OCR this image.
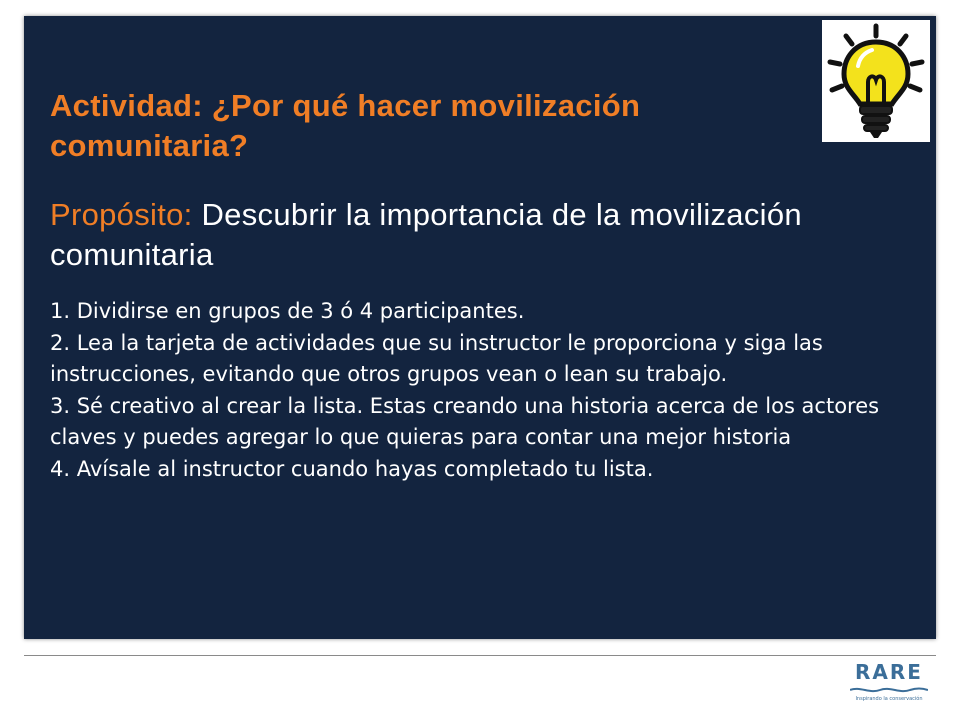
Actividad: ¿Por qué hacer movilización comunitaria?

Propósito: Descubrir la importancia de la movilización comunitaria

1. Dividirse en grupos de 3 ó 4 participantes.
2. Lea la tarjeta de actividades que su instructor le proporciona y siga las instrucciones, evitando que otros grupos vean o lean su trabajo.
3. Sé creativo al crear la lista. Estas creando una historia acerca de los actores claves y puedes agregar lo que quieras para contar una mejor historia
4. Avísale al instructor cuando hayas completado tu lista.
RARE
Inspirando la conservación
